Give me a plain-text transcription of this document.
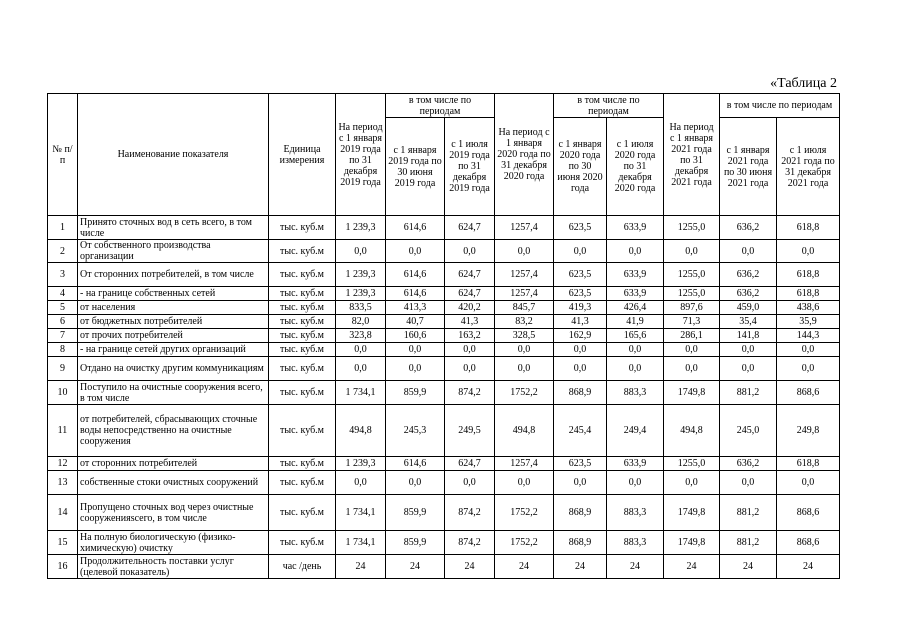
«Таблица 2
№ п/п	Наименование показателя	Единица измерения	На период с 1 января 2019 года по 31 декабря 2019 года	в том числе по периодам		На период с 1 января 2020 года по 31 декабря 2020 года	в том числе по периодам		На период с 1 января 2021 года по 31 декабря 2021 года	в том числе по периодам	
				с 1 января 2019 года по 30 июня 2019 года	с 1 июля 2019 года по 31 декабря 2019 года		с 1 января 2020 года по 30 июня 2020 года	с 1 июля 2020 года по 31 декабря 2020 года		с 1 января 2021 года по 30 июня 2021 года	с 1 июля 2021 года по 31 декабря 2021 года
1	Принято сточных вод в сеть всего, в том числе	тыс. куб.м	1 239,3	614,6	624,7	1257,4	623,5	633,9	1255,0	636,2	618,8
2	От собственного производства организации	тыс. куб.м	0,0	0,0	0,0	0,0	0,0	0,0	0,0	0,0	0,0
3	От сторонних потребителей, в том числе	тыс. куб.м	1 239,3	614,6	624,7	1257,4	623,5	633,9	1255,0	636,2	618,8
4	- на границе собственных сетей	тыс. куб.м	1 239,3	614,6	624,7	1257,4	623,5	633,9	1255,0	636,2	618,8
5	от населения	тыс. куб.м	833,5	413,3	420,2	845,7	419,3	426,4	897,6	459,0	438,6
6	от бюджетных потребителей	тыс. куб.м	82,0	40,7	41,3	83,2	41,3	41,9	71,3	35,4	35,9
7	от прочих потребителей	тыс. куб.м	323,8	160,6	163,2	328,5	162,9	165,6	286,1	141,8	144,3
8	- на границе сетей других организаций	тыс. куб.м	0,0	0,0	0,0	0,0	0,0	0,0	0,0	0,0	0,0
9	Отдано на очистку другим коммуникациям	тыс. куб.м	0,0	0,0	0,0	0,0	0,0	0,0	0,0	0,0	0,0
10	Поступило на очистные сооружения всего, в том числе	тыс. куб.м	1 734,1	859,9	874,2	1752,2	868,9	883,3	1749,8	881,2	868,6
11	от потребителей, сбрасывающих сточные воды непосредственно на очистные сооружения	тыс. куб.м	494,8	245,3	249,5	494,8	245,4	249,4	494,8	245,0	249,8
12	от сторонних потребителей	тыс. куб.м	1 239,3	614,6	624,7	1257,4	623,5	633,9	1255,0	636,2	618,8
13	собственные стоки очистных сооружений	тыс. куб.м	0,0	0,0	0,0	0,0	0,0	0,0	0,0	0,0	0,0
14	Пропущено сточных вод через очистные сооруженияsсего, в том числе	тыс. куб.м	1 734,1	859,9	874,2	1752,2	868,9	883,3	1749,8	881,2	868,6
15	На полную биологическую (физико-химическую) очистку	тыс. куб.м	1 734,1	859,9	874,2	1752,2	868,9	883,3	1749,8	881,2	868,6
16	Продолжительность поставки услуг (целевой показатель)	час /день	24	24	24	24	24	24	24	24	24
